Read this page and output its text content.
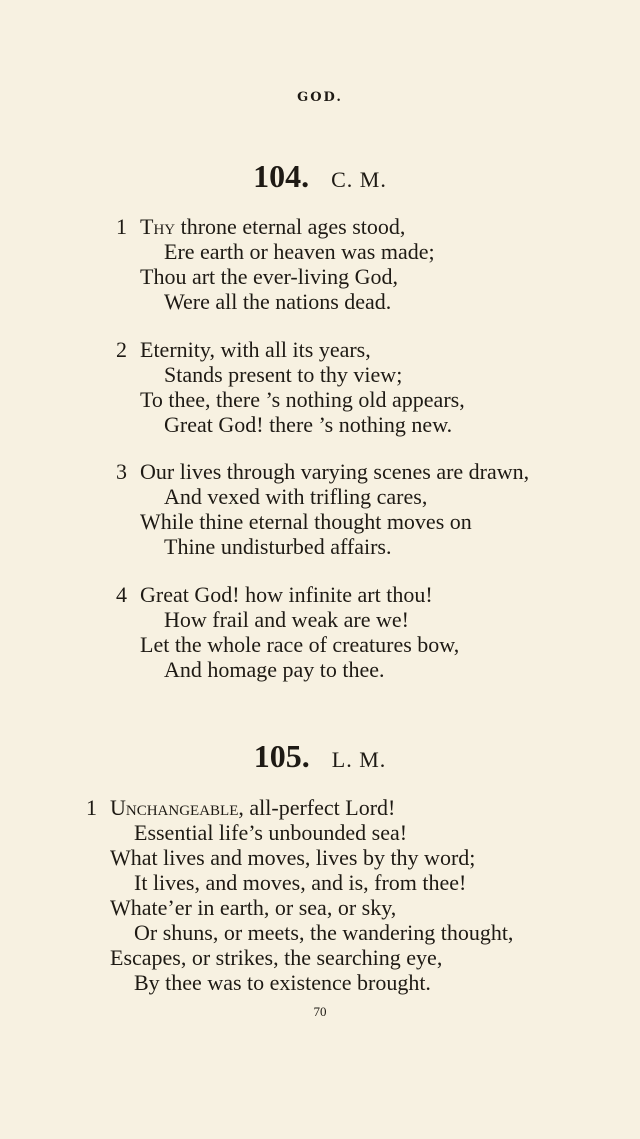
GOD.
104. C. M.
1 Thy throne eternal ages stood,
Ere earth or heaven was made;
Thou art the ever-living God,
Were all the nations dead.
2 Eternity, with all its years,
Stands present to thy view;
To thee, there ’s nothing old appears,
Great God! there ’s nothing new.
3 Our lives through varying scenes are drawn,
And vexed with trifling cares,
While thine eternal thought moves on
Thine undisturbed affairs.
4 Great God! how infinite art thou!
How frail and weak are we!
Let the whole race of creatures bow,
And homage pay to thee.
105. L. M.
1 Unchangeable, all-perfect Lord!
Essential life’s unbounded sea!
What lives and moves, lives by thy word;
It lives, and moves, and is, from thee!
Whate’er in earth, or sea, or sky,
Or shuns, or meets, the wandering thought,
Escapes, or strikes, the searching eye,
By thee was to existence brought.
70
